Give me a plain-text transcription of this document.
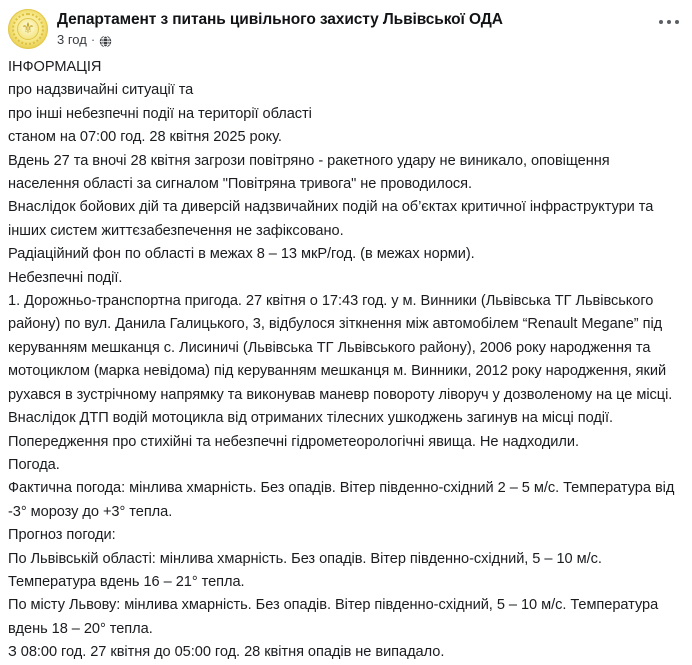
⚜	Департамент з питань цивільного захисту Львівської ОДА
3 год ·

ІНФОРМАЦІЯ

про надзвичайні ситуації та

про інші небезпечні події на території області

станом на 07:00 год. 28 квітня 2025 року.

Вдень 27 та вночі 28 квітня загрози повітряно - ракетного удару не виникало, оповіщення населення області за сигналом "Повітряна тривога" не проводилося.

Внаслідок бойових дій та диверсій надзвичайних подій на об’єктах критичної інфраструктури та інших систем життєзабезпечення не зафіксовано.

Радіаційний фон по області в межах 8 – 13 мкР/год. (в межах норми).

Небезпечні події.

1. Дорожньо-транспортна пригода. 27 квітня о 17:43 год. у м. Винники (Львівська ТГ Львівського району) по вул. Данила Галицького, 3, відбулося зіткнення між автомобілем “Renault Megane” під керуванням мешканця с. Лисиничі (Львівська ТГ Львівського району), 2006 року народження та мотоциклом (марка невідома) під керуванням мешканця м. Винники, 2012 року народження, який рухався в зустрічному напрямку та виконував маневр повороту ліворуч у дозволеному на це місці. Внаслідок ДТП водій мотоцикла від отриманих тілесних ушкоджень загинув на місці події.

Попередження про стихійні та небезпечні гідрометеорологічні явища. Не надходили.

Погода.

Фактична погода: мінлива хмарність. Без опадів. Вітер південно-східний 2 – 5 м/с. Температура від -3° морозу до +3° тепла.

Прогноз погоди:

По Львівській області: мінлива хмарність. Без опадів. Вітер південно-східний, 5 – 10 м/с. Температура вдень 16 – 21° тепла.

По місту Львову: мінлива хмарність. Без опадів. Вітер південно-східний, 5 – 10 м/с. Температура вдень 18 – 20° тепла.

З 08:00 год. 27 квітня до 05:00 год. 28 квітня опадів не випадало.
